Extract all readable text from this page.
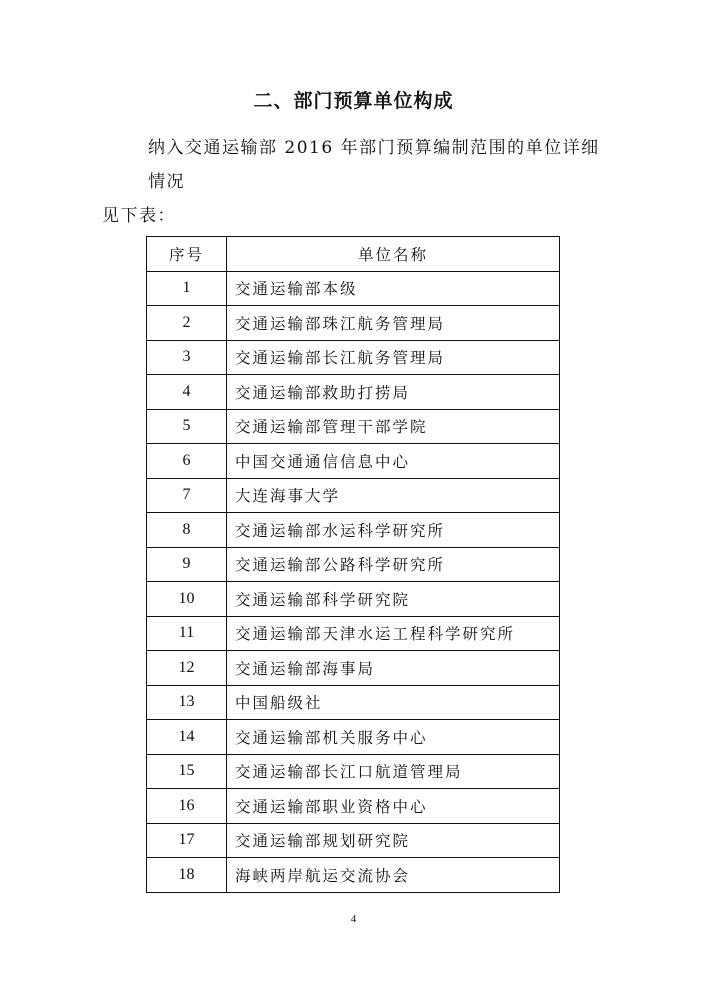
二、部门预算单位构成
纳入交通运输部 2016 年部门预算编制范围的单位详细情况
见下表：
序号	单位名称
1	交通运输部本级
2	交通运输部珠江航务管理局
3	交通运输部长江航务管理局
4	交通运输部救助打捞局
5	交通运输部管理干部学院
6	中国交通通信信息中心
7	大连海事大学
8	交通运输部水运科学研究所
9	交通运输部公路科学研究所
10	交通运输部科学研究院
11	交通运输部天津水运工程科学研究所
12	交通运输部海事局
13	中国船级社
14	交通运输部机关服务中心
15	交通运输部长江口航道管理局
16	交通运输部职业资格中心
17	交通运输部规划研究院
18	海峡两岸航运交流协会
4
